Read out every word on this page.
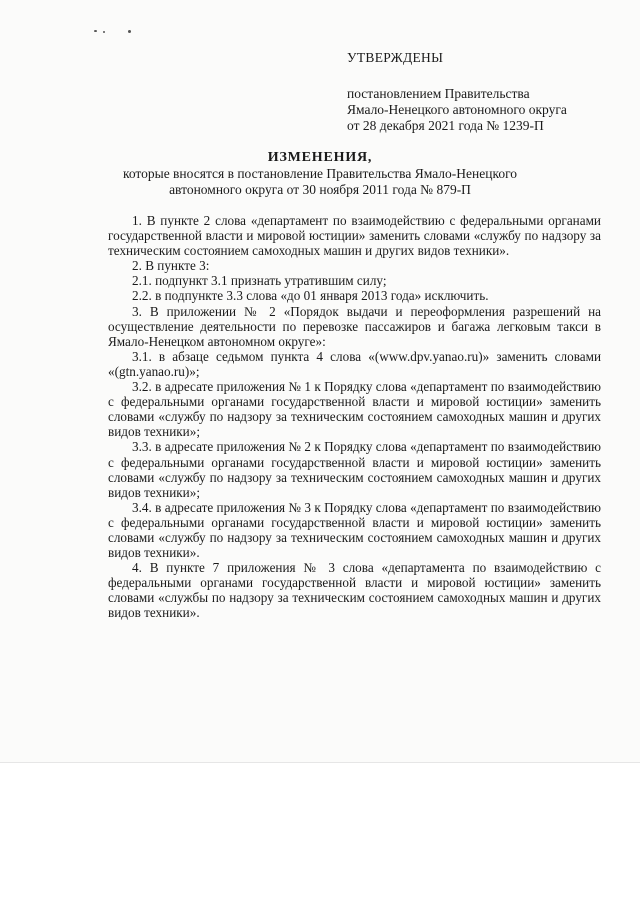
УТВЕРЖДЕНЫ
постановлением Правительства
Ямало-Ненецкого автономного округа
от 28 декабря 2021 года № 1239-П
ИЗМЕНЕНИЯ,
которые вносятся в постановление Правительства Ямало-Ненецкого
автономного округа от 30 ноября 2011 года № 879-П

1. В пункте 2 слова «департамент по взаимодействию с федеральными органами государственной власти и мировой юстиции» заменить словами «службу по надзору за техническим состоянием самоходных машин и других видов техники».

2. В пункте 3:

2.1. подпункт 3.1 признать утратившим силу;

2.2. в подпункте 3.3 слова «до 01 января 2013 года» исключить.

3. В приложении № 2 «Порядок выдачи и переоформления разрешений на осуществление деятельности по перевозке пассажиров и багажа легковым такси в Ямало-Ненецком автономном округе»:

3.1. в абзаце седьмом пункта 4 слова «(www.dpv.yanao.ru)» заменить словами «(gtn.yanao.ru)»;

3.2. в адресате приложения № 1 к Порядку слова «департамент по взаимодействию с федеральными органами государственной власти и мировой юстиции» заменить словами «службу по надзору за техническим состоянием самоходных машин и других видов техники»;

3.3. в адресате приложения № 2 к Порядку слова «департамент по взаимодействию с федеральными органами государственной власти и мировой юстиции» заменить словами «службу по надзору за техническим состоянием самоходных машин и других видов техники»;

3.4. в адресате приложения № 3 к Порядку слова «департамент по взаимодействию с федеральными органами государственной власти и мировой юстиции» заменить словами «службу по надзору за техническим состоянием самоходных машин и других видов техники».

4. В пункте 7 приложения № 3 слова «департамента по взаимодействию с федеральными органами государственной власти и мировой юстиции» заменить словами «службы по надзору за техническим состоянием самоходных машин и других видов техники».
